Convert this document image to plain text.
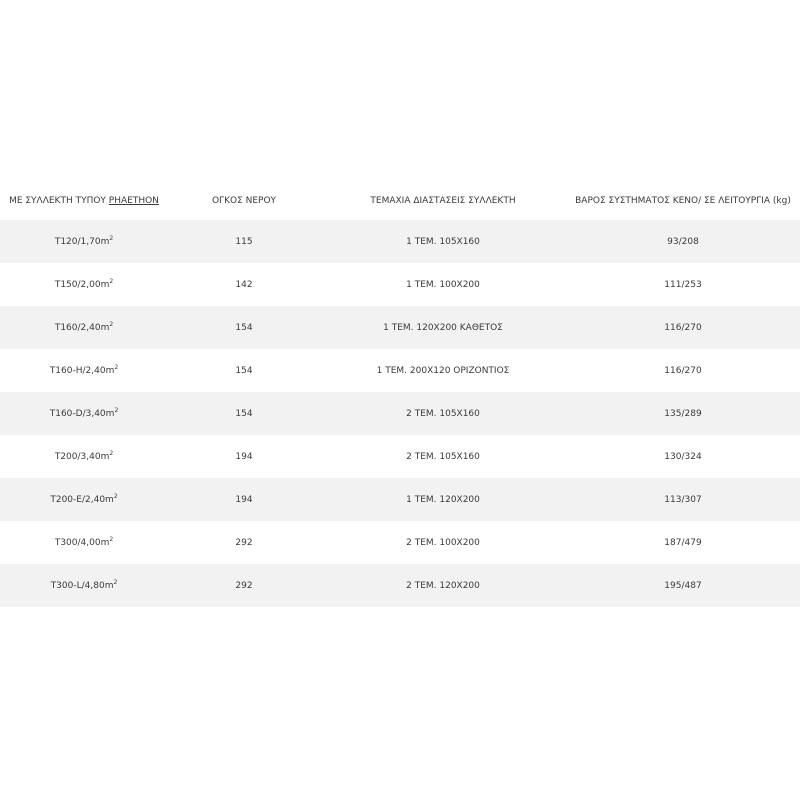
ΜΕ ΣΥΛΛΕΚΤΗ ΤΥΠΟΥ PHAETHON	ΟΓΚΟΣ ΝΕΡΟΥ	ΤΕΜΑΧΙΑ ΔΙΑΣΤΑΣΕΙΣ ΣΥΛΛΕΚΤΗ	ΒΑΡΟΣ ΣΥΣΤΗΜΑΤΟΣ ΚΕΝΟ/ ΣΕ ΛΕΙΤΟΥΡΓΙΑ (kg)
$T120/1,70m^2$	115	1 ΤΕΜ. 105Χ160	93/208
$T150/2,00m^2$	142	1 ΤΕΜ. 100Χ200	111/253
$T160/2,40m^2$	154	1 ΤΕΜ. 120Χ200 ΚΑΘΕΤΟΣ	116/270
$T160-H/2,40m^2$	154	1 ΤΕΜ. 200Χ120 ΟΡΙΖΟΝΤΙΟΣ	116/270
$T160-D/3,40m^2$	154	2 ΤΕΜ. 105Χ160	135/289
$T200/3,40m^2$	194	2 ΤΕΜ. 105Χ160	130/324
$T200-E/2,40m^2$	194	1 ΤΕΜ. 120Χ200	113/307
$T300/4,00m^2$	292	2 ΤΕΜ. 100Χ200	187/479
$T300-L/4,80m^2$	292	2 ΤΕΜ. 120Χ200	195/487
